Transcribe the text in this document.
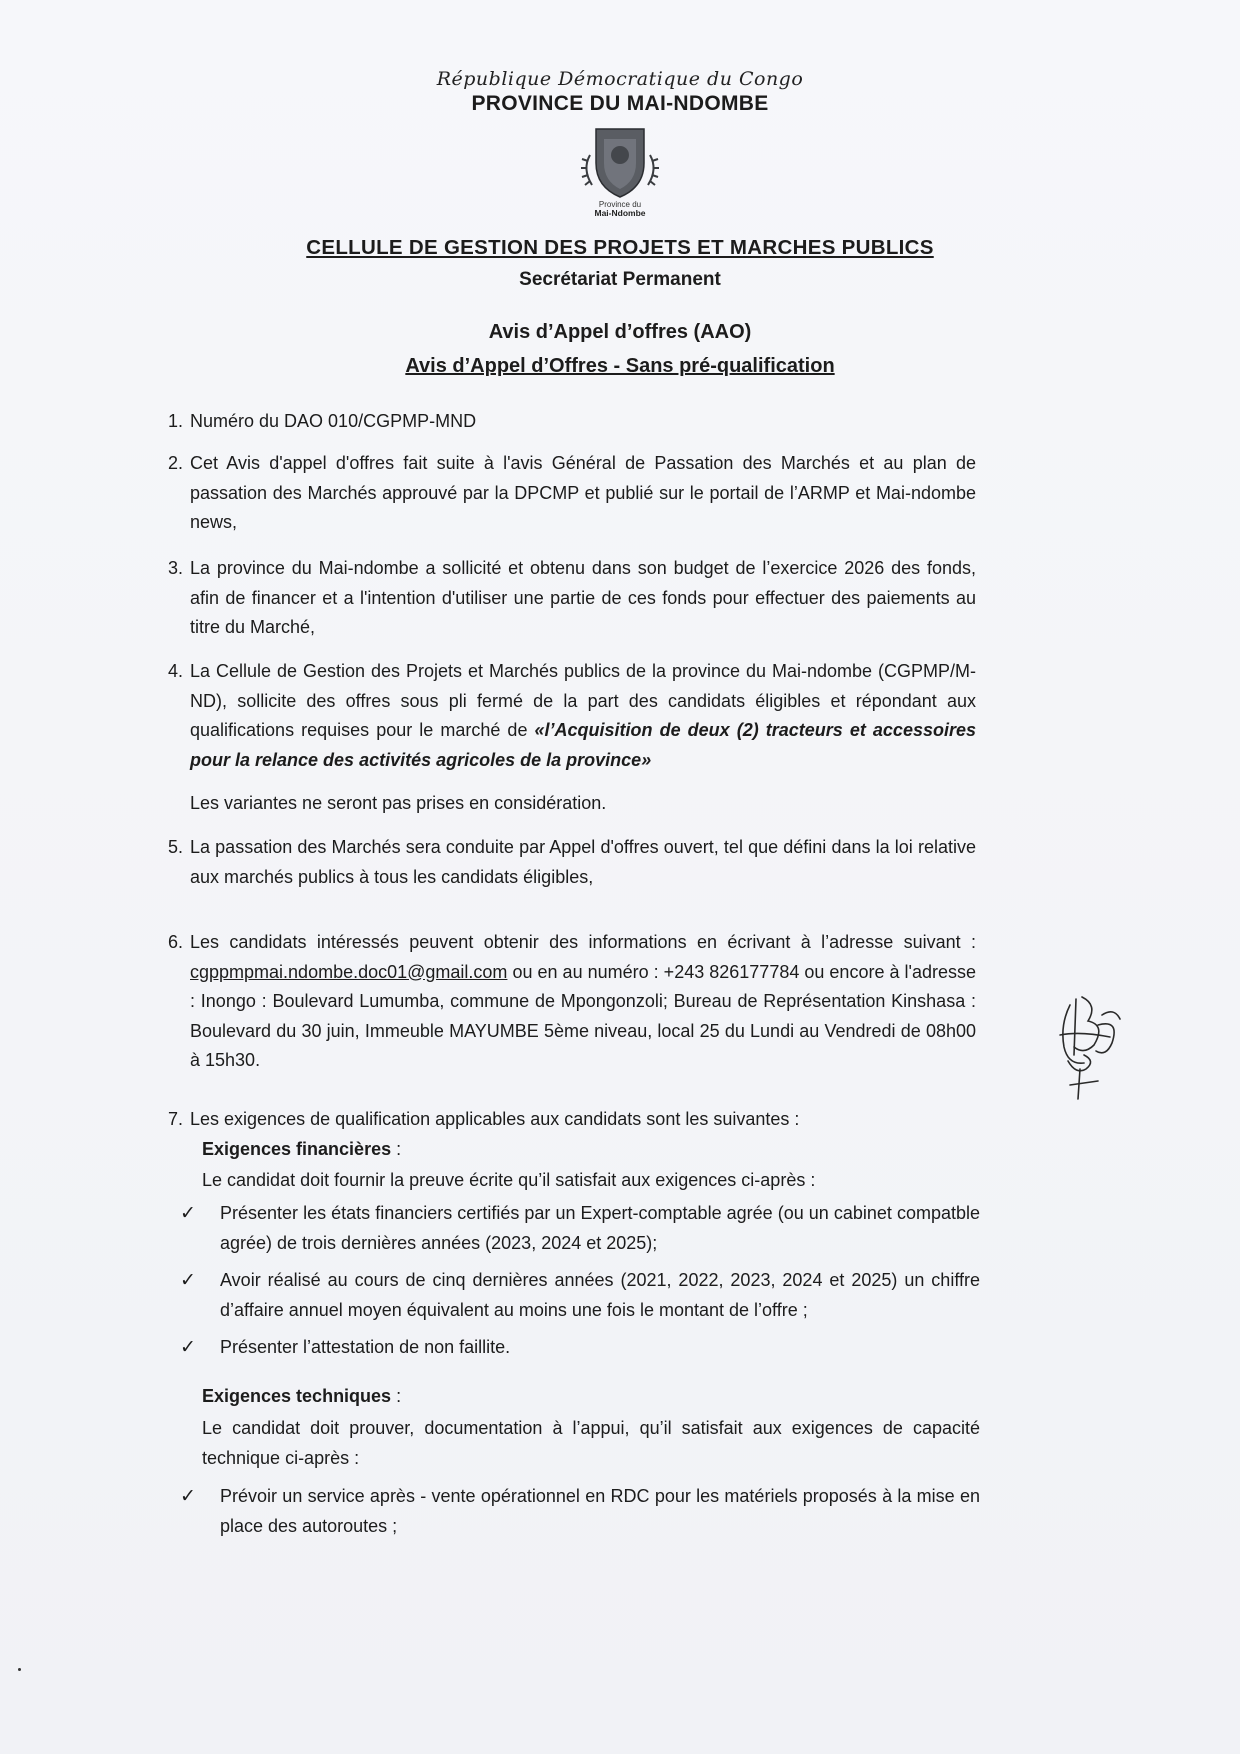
République Démocratique du Congo
PROVINCE DU MAI-NDOMBE
Province du
Mai-Ndombe
CELLULE DE GESTION DES PROJETS ET MARCHES PUBLICS
Secrétariat Permanent
Avis d’Appel d’offres (AAO)
Avis d’Appel d’Offres - Sans pré-qualification
1. Numéro du DAO 010/CGPMP-MND
2. Cet Avis d'appel d'offres fait suite à l'avis Général de Passation des Marchés et au plan de passation des Marchés approuvé par la DPCMP et publié sur le portail de l’ARMP et Mai-ndombe news,
3. La province du Mai-ndombe a sollicité et obtenu dans son budget de l’exercice 2026 des fonds, afin de financer et a l'intention d'utiliser une partie de ces fonds pour effectuer des paiements au titre du Marché,
4. La Cellule de Gestion des Projets et Marchés publics de la province du Mai-ndombe (CGPMP/M-ND), sollicite des offres sous pli fermé de la part des candidats éligibles et répondant aux qualifications requises pour le marché de «l’Acquisition de deux (2) tracteurs et accessoires pour la relance des activités agricoles de la province»
Les variantes ne seront pas prises en considération.
5. La passation des Marchés sera conduite par Appel d'offres ouvert, tel que défini dans la loi relative aux marchés publics à tous les candidats éligibles,
6. Les candidats intéressés peuvent obtenir des informations en écrivant à l’adresse suivant : cgppmpmai.ndombe.doc01@gmail.com ou en au numéro : +243 826177784 ou encore à l'adresse : Inongo : Boulevard Lumumba, commune de Mpongonzoli; Bureau de Représentation Kinshasa : Boulevard du 30 juin, Immeuble MAYUMBE 5ème niveau, local 25 du Lundi au Vendredi de 08h00 à 15h30.
7. Les exigences de qualification applicables aux candidats sont les suivantes :
Exigences financières :
Le candidat doit fournir la preuve écrite qu’il satisfait aux exigences ci-après :
✓ Présenter les états financiers certifiés par un Expert-comptable agrée (ou un cabinet compatble agrée) de trois dernières années (2023, 2024 et 2025);
✓ Avoir réalisé au cours de cinq dernières années (2021, 2022, 2023, 2024 et 2025) un chiffre d’affaire annuel moyen équivalent au moins une fois le montant de l’offre ;
✓ Présenter l’attestation de non faillite.
Exigences techniques :
Le candidat doit prouver, documentation à l’appui, qu’il satisfait aux exigences de capacité technique ci-après :
✓ Prévoir un service après - vente opérationnel en RDC pour les matériels proposés à la mise en place des autoroutes ;
